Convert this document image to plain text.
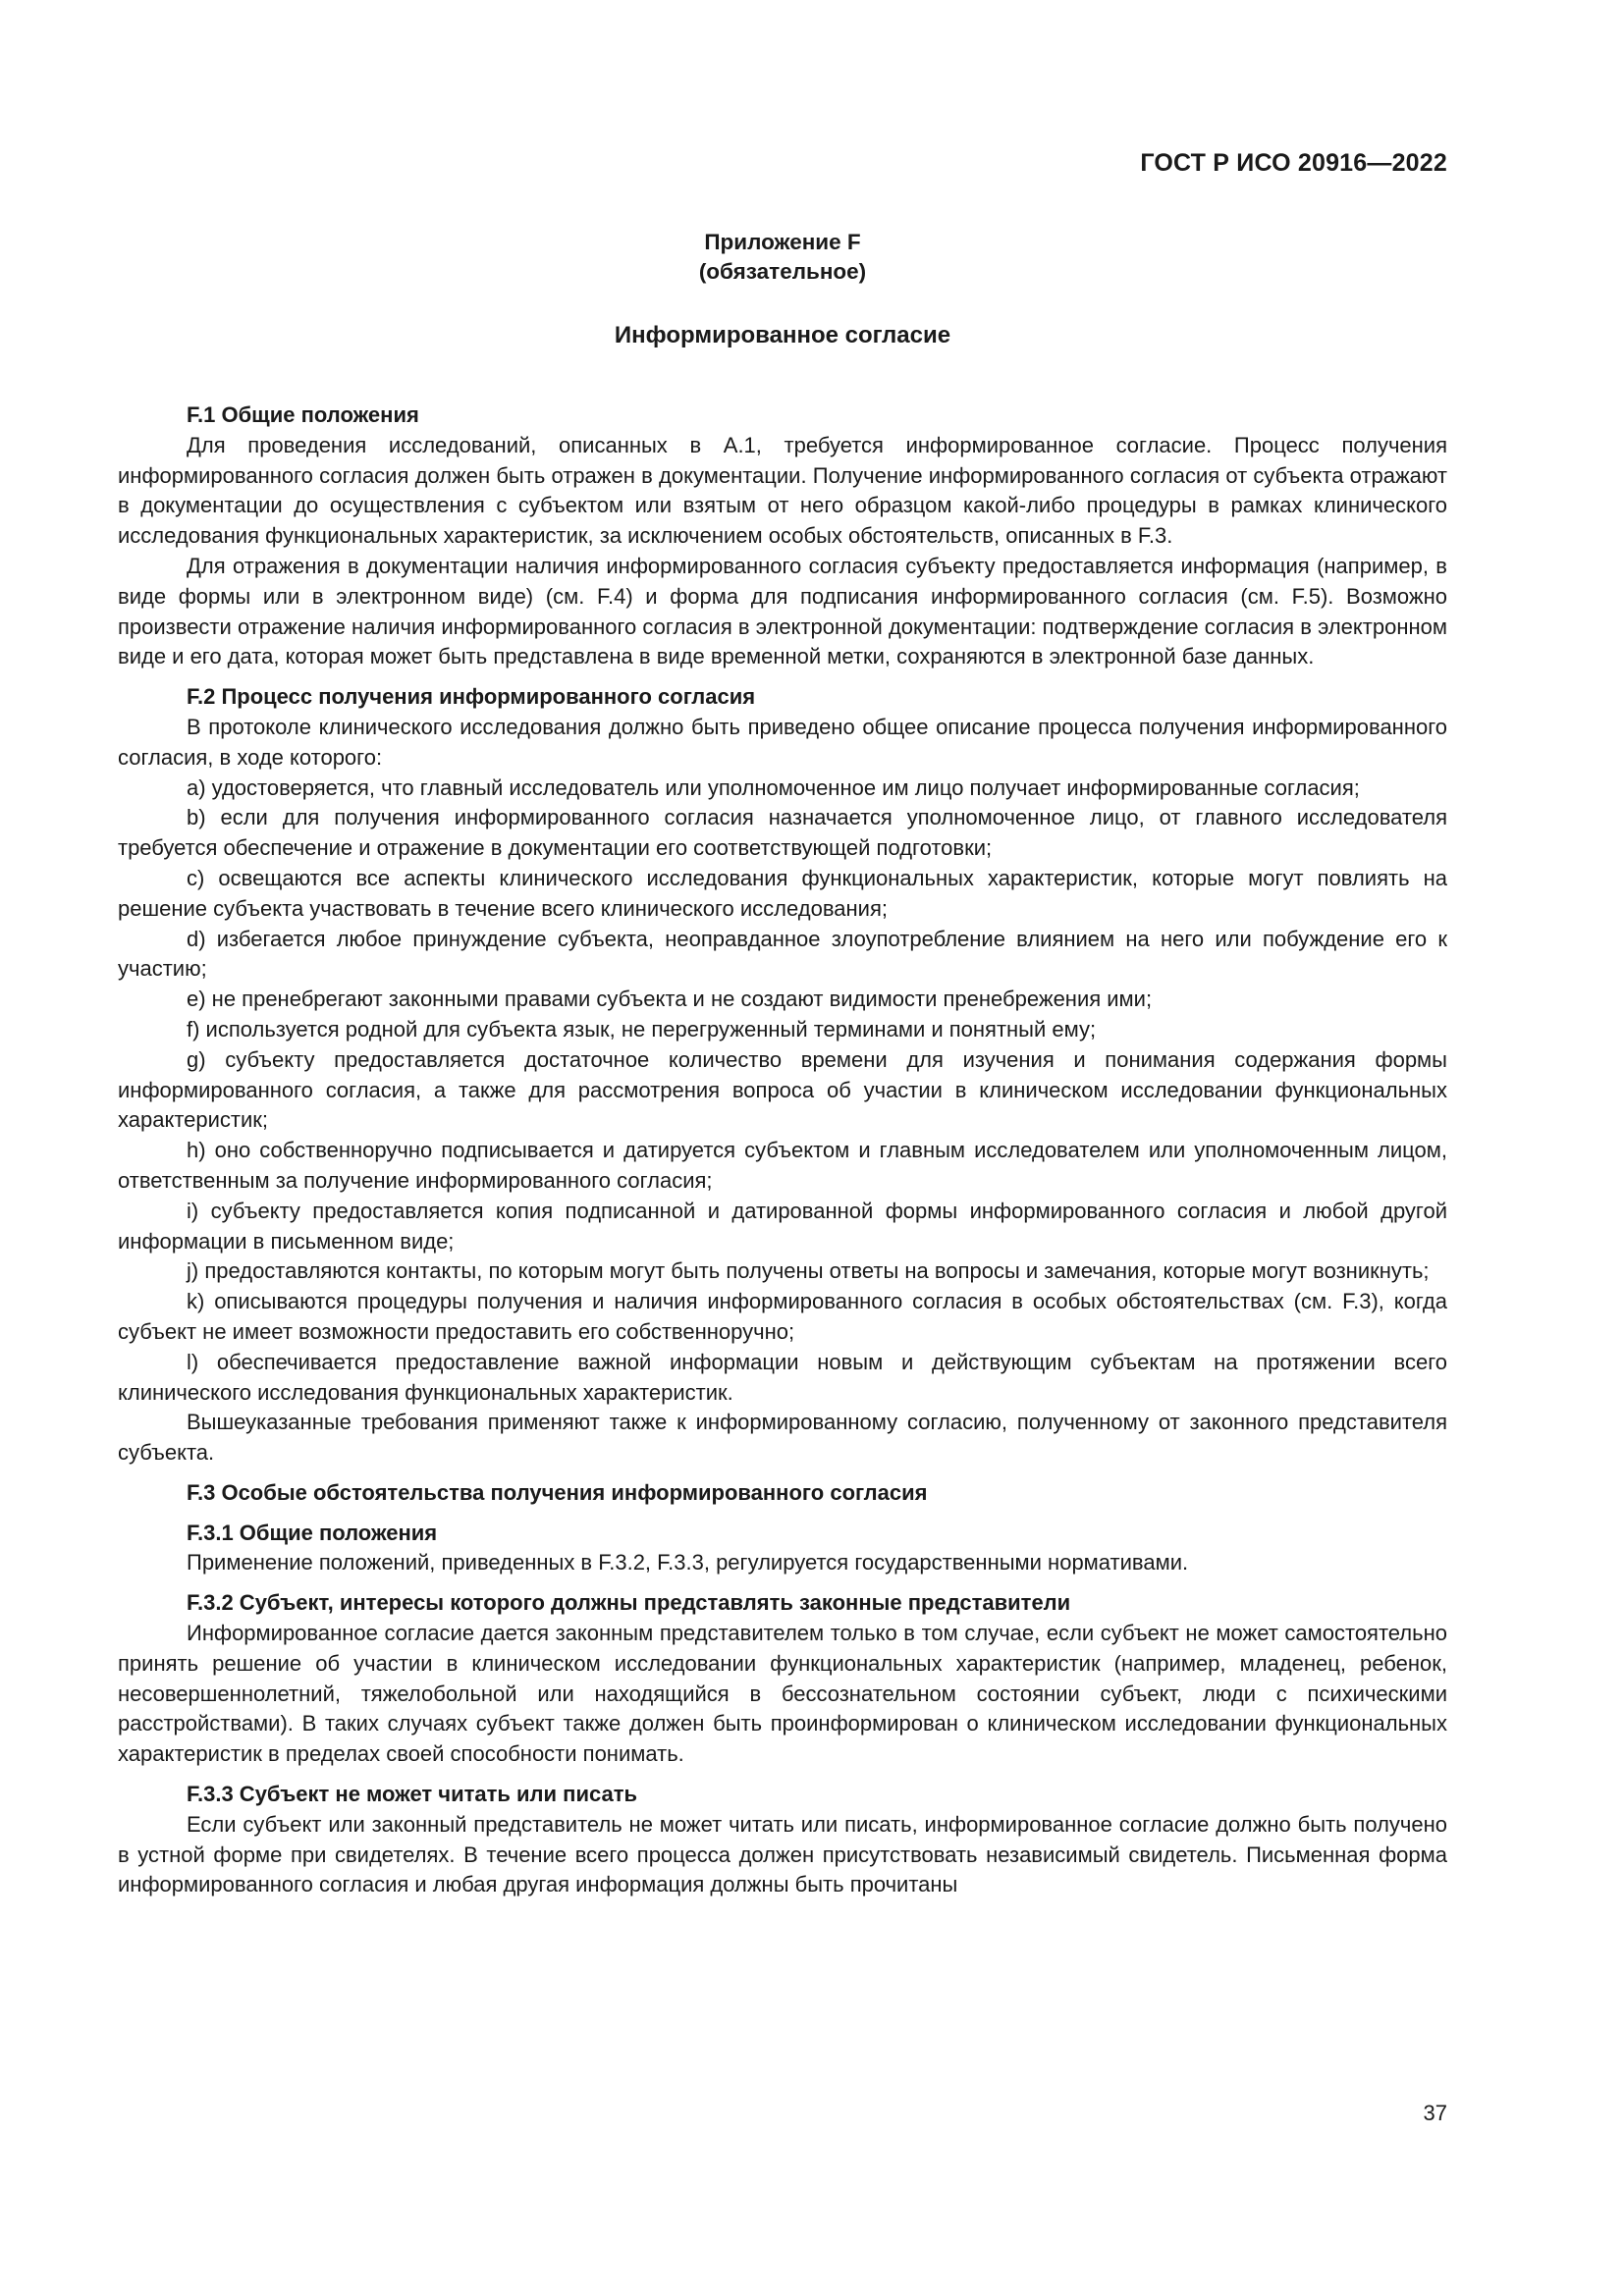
ГОСТ Р ИСО 20916—2022
Приложение F
(обязательное)
Информированное согласие

F.1 Общие положения

Для проведения исследований, описанных в А.1, требуется информированное согласие. Процесс получения информированного согласия должен быть отражен в документации. Получение информированного согласия от субъекта отражают в документации до осуществления с субъектом или взятым от него образцом какой-либо процедуры в рамках клинического исследования функциональных характеристик, за исключением особых обстоятельств, описанных в F.3.

Для отражения в документации наличия информированного согласия субъекту предоставляется информация (например, в виде формы или в электронном виде) (см. F.4) и форма для подписания информированного согласия (см. F.5). Возможно произвести отражение наличия информированного согласия в электронной документации: подтверждение согласия в электронном виде и его дата, которая может быть представлена в виде временной метки, сохраняются в электронной базе данных.

F.2 Процесс получения информированного согласия

В протоколе клинического исследования должно быть приведено общее описание процесса получения информированного согласия, в ходе которого:

a) удостоверяется, что главный исследователь или уполномоченное им лицо получает информированные согласия;

b) если для получения информированного согласия назначается уполномоченное лицо, от главного исследователя требуется обеспечение и отражение в документации его соответствующей подготовки;

c) освещаются все аспекты клинического исследования функциональных характеристик, которые могут повлиять на решение субъекта участвовать в течение всего клинического исследования;

d) избегается любое принуждение субъекта, неоправданное злоупотребление влиянием на него или побуждение его к участию;

e) не пренебрегают законными правами субъекта и не создают видимости пренебрежения ими;

f) используется родной для субъекта язык, не перегруженный терминами и понятный ему;

g) субъекту предоставляется достаточное количество времени для изучения и понимания содержания формы информированного согласия, а также для рассмотрения вопроса об участии в клиническом исследовании функциональных характеристик;

h) оно собственноручно подписывается и датируется субъектом и главным исследователем или уполномоченным лицом, ответственным за получение информированного согласия;

i) субъекту предоставляется копия подписанной и датированной формы информированного согласия и любой другой информации в письменном виде;

j) предоставляются контакты, по которым могут быть получены ответы на вопросы и замечания, которые могут возникнуть;

k) описываются процедуры получения и наличия информированного согласия в особых обстоятельствах (см. F.3), когда субъект не имеет возможности предоставить его собственноручно;

l) обеспечивается предоставление важной информации новым и действующим субъектам на протяжении всего клинического исследования функциональных характеристик.

Вышеуказанные требования применяют также к информированному согласию, полученному от законного представителя субъекта.

F.3 Особые обстоятельства получения информированного согласия

F.3.1 Общие положения

Применение положений, приведенных в F.3.2, F.3.3, регулируется государственными нормативами.

F.3.2 Субъект, интересы которого должны представлять законные представители

Информированное согласие дается законным представителем только в том случае, если субъект не может самостоятельно принять решение об участии в клиническом исследовании функциональных характеристик (например, младенец, ребенок, несовершеннолетний, тяжелобольной или находящийся в бессознательном состоянии субъект, люди с психическими расстройствами). В таких случаях субъект также должен быть проинформирован о клиническом исследовании функциональных характеристик в пределах своей способности понимать.

F.3.3 Субъект не может читать или писать

Если субъект или законный представитель не может читать или писать, информированное согласие должно быть получено в устной форме при свидетелях. В течение всего процесса должен присутствовать независимый свидетель. Письменная форма информированного согласия и любая другая информация должны быть прочитаны

37
